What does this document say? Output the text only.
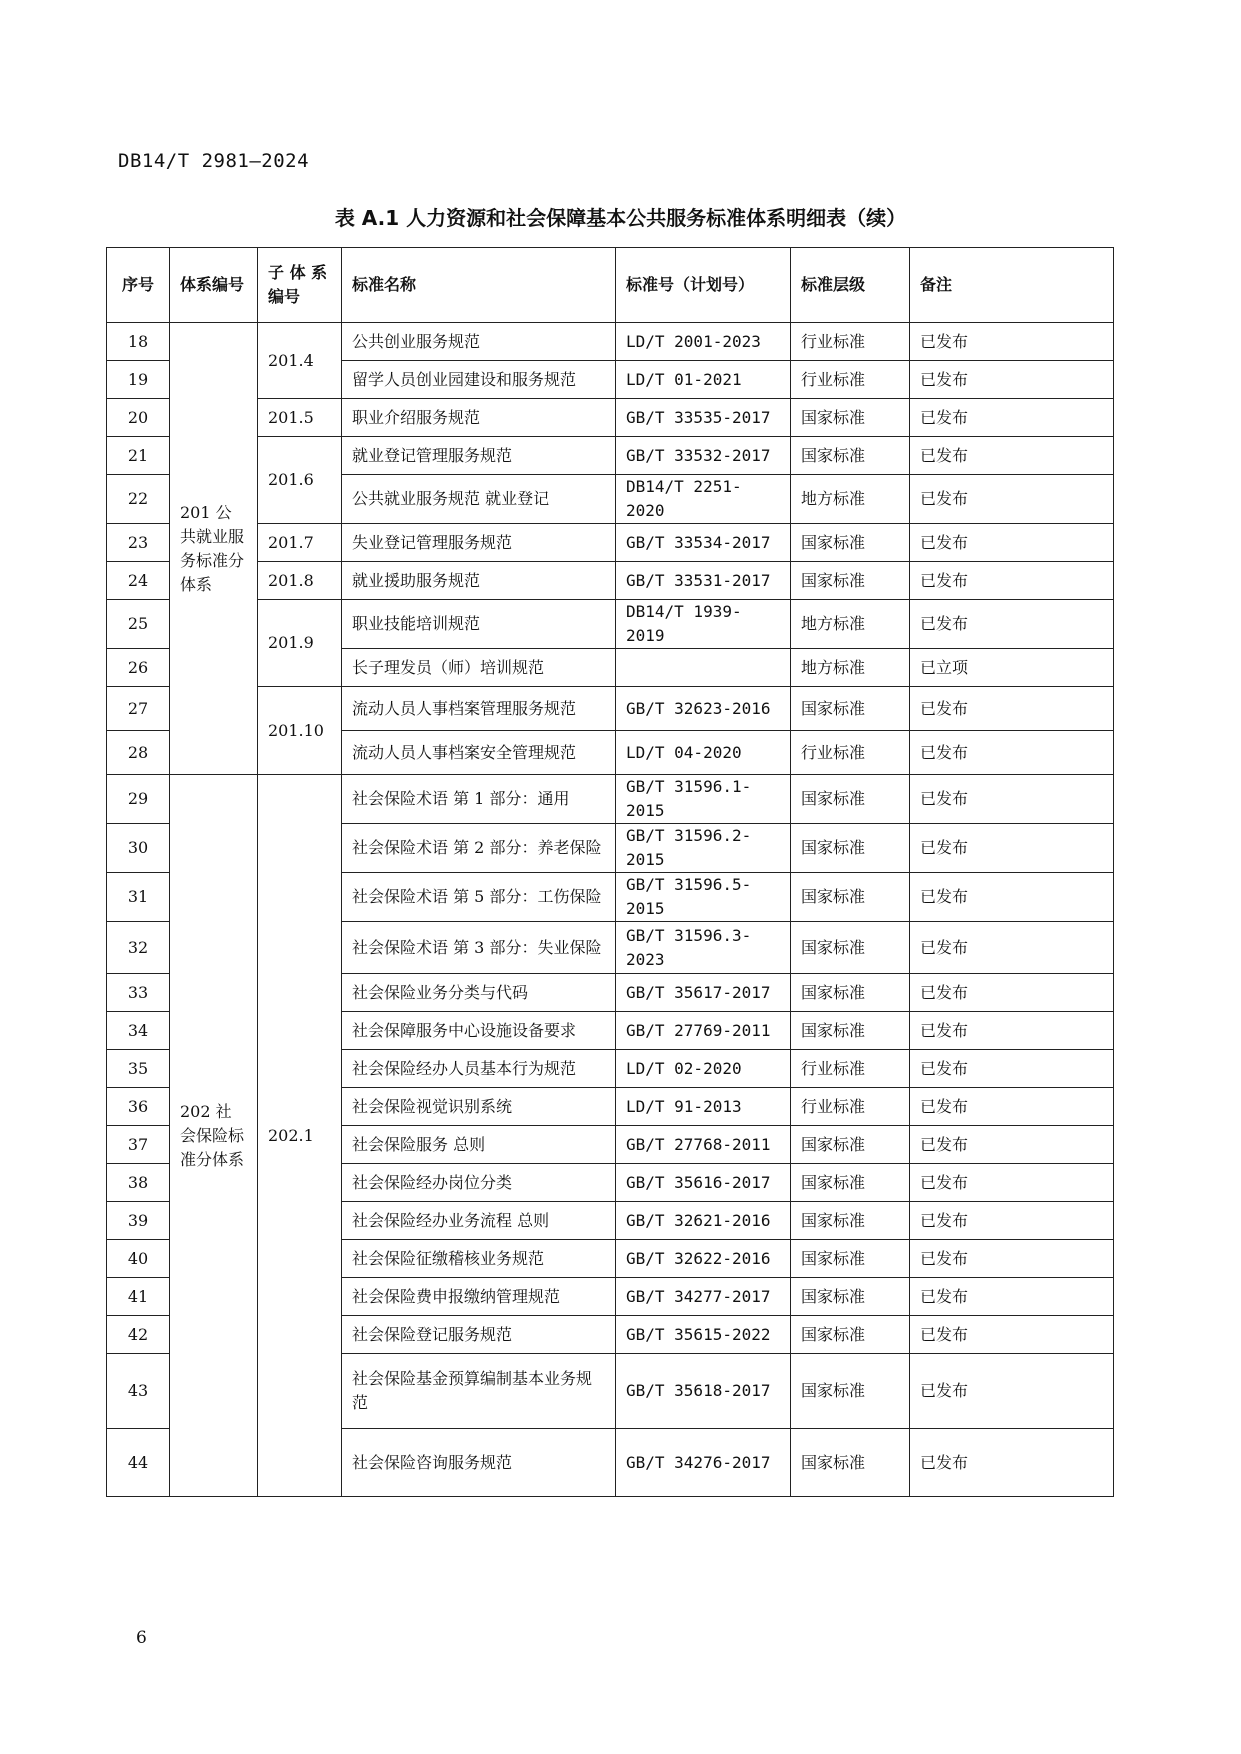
DB14/T 2981—2024
表 A.1 人力资源和社会保障基本公共服务标准体系明细表（续）
序号	体系编号	子 体 系 编号	标准名称	标准号（计划号）	标准层级	备注
18	201 公共就业服务标准分体系	201.4	公共创业服务规范	LD/T 2001-2023	行业标准	已发布
19			留学人员创业园建设和服务规范	LD/T 01-2021	行业标准	已发布
20		201.5	职业介绍服务规范	GB/T 33535-2017	国家标准	已发布
21		201.6	就业登记管理服务规范	GB/T 33532-2017	国家标准	已发布
22			公共就业服务规范 就业登记	DB14/T 2251-2020	地方标准	已发布
23		201.7	失业登记管理服务规范	GB/T 33534-2017	国家标准	已发布
24		201.8	就业援助服务规范	GB/T 33531-2017	国家标准	已发布
25		201.9	职业技能培训规范	DB14/T 1939-2019	地方标准	已发布
26			长子理发员（师）培训规范		地方标准	已立项
27		201.10	流动人员人事档案管理服务规范	GB/T 32623-2016	国家标准	已发布
28			流动人员人事档案安全管理规范	LD/T 04-2020	行业标准	已发布
29	202 社会保险标准分体系	202.1	社会保险术语 第 1 部分：通用	GB/T 31596.1-2015	国家标准	已发布
30			社会保险术语 第 2 部分：养老保险	GB/T 31596.2-2015	国家标准	已发布
31			社会保险术语 第 5 部分：工伤保险	GB/T 31596.5-2015	国家标准	已发布
32			社会保险术语 第 3 部分：失业保险	GB/T 31596.3-2023	国家标准	已发布
33			社会保险业务分类与代码	GB/T 35617-2017	国家标准	已发布
34			社会保障服务中心设施设备要求	GB/T 27769-2011	国家标准	已发布
35			社会保险经办人员基本行为规范	LD/T 02-2020	行业标准	已发布
36			社会保险视觉识别系统	LD/T 91-2013	行业标准	已发布
37			社会保险服务 总则	GB/T 27768-2011	国家标准	已发布
38			社会保险经办岗位分类	GB/T 35616-2017	国家标准	已发布
39			社会保险经办业务流程 总则	GB/T 32621-2016	国家标准	已发布
40			社会保险征缴稽核业务规范	GB/T 32622-2016	国家标准	已发布
41			社会保险费申报缴纳管理规范	GB/T 34277-2017	国家标准	已发布
42			社会保险登记服务规范	GB/T 35615-2022	国家标准	已发布
43			社会保险基金预算编制基本业务规范	GB/T 35618-2017	国家标准	已发布
44			社会保险咨询服务规范	GB/T 34276-2017	国家标准	已发布
6
